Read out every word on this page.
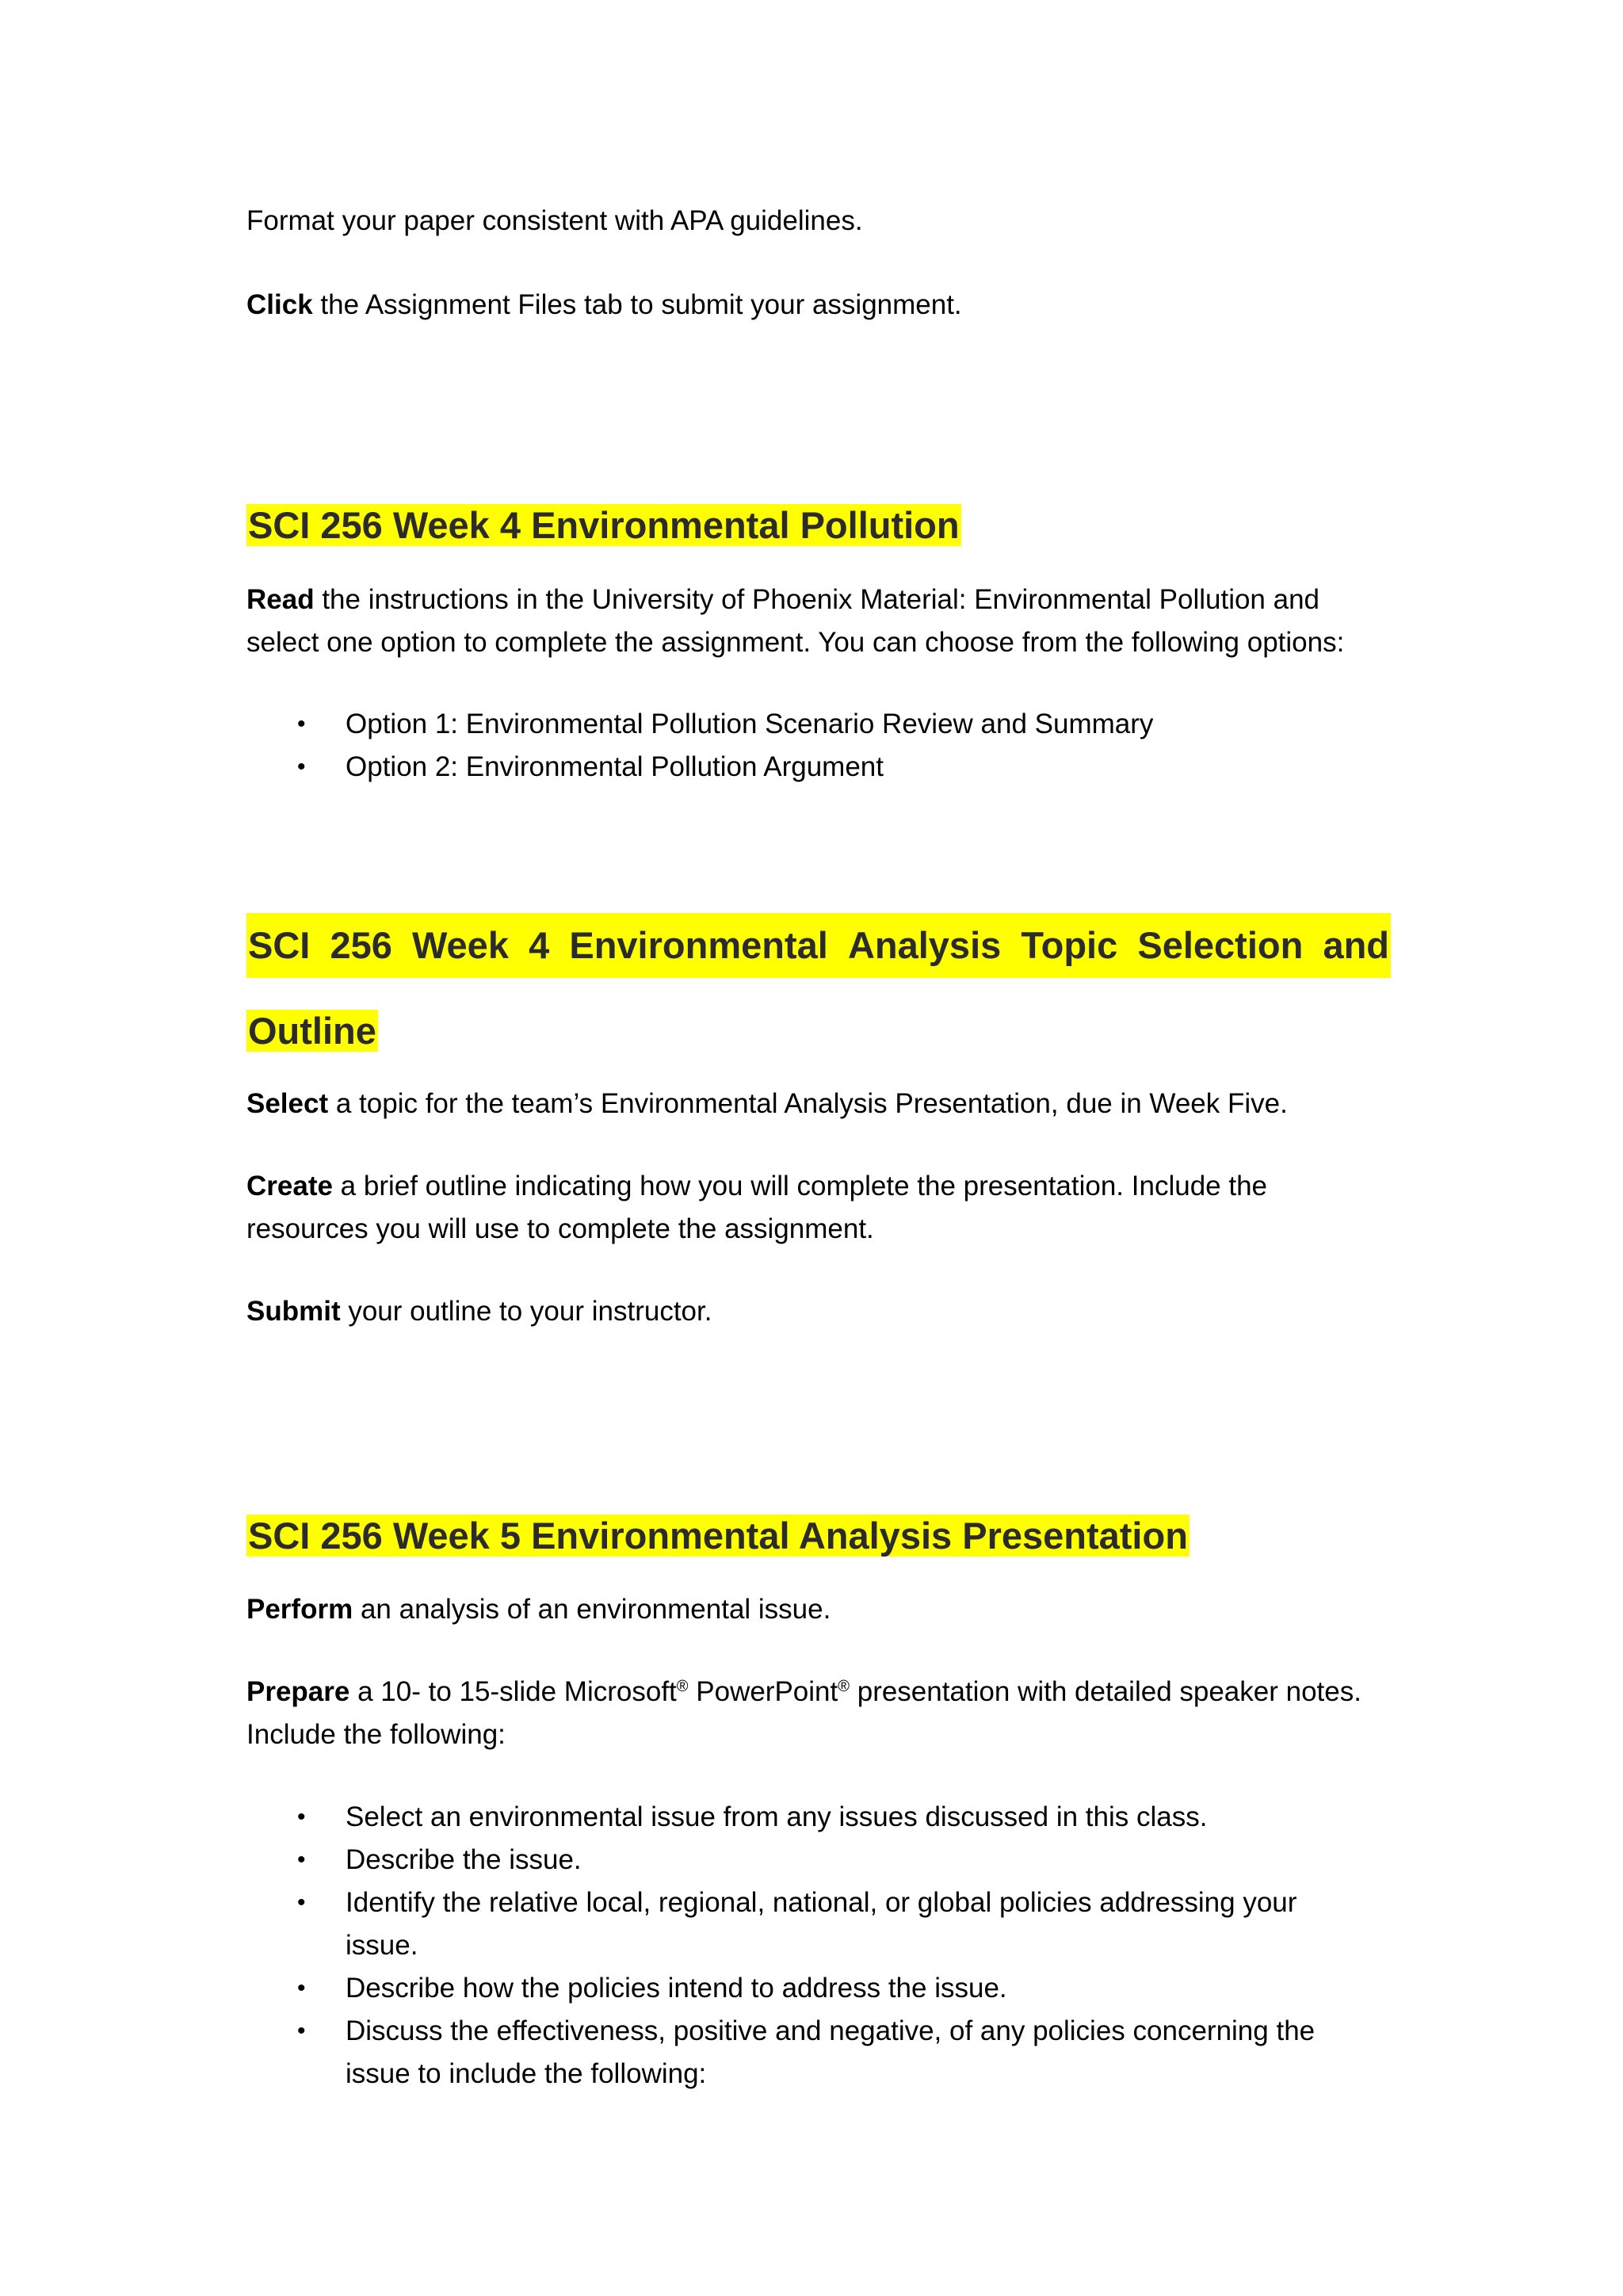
Format your paper consistent with APA guidelines.

Click the Assignment Files tab to submit your assignment.

SCI 256 Week 4 Environmental Pollution

Read the instructions in the University of Phoenix Material: Environmental Pollution and

select one option to complete the assignment. You can choose from the following options:

• Option 1: Environmental Pollution Scenario Review and Summary
• Option 2: Environmental Pollution Argument
SCI 256 Week 4 Environmental Analysis Topic Selection and
Outline

Select a topic for the team’s Environmental Analysis Presentation, due in Week Five.

Create a brief outline indicating how you will complete the presentation. Include the

resources you will use to complete the assignment.

Submit your outline to your instructor.

SCI 256 Week 5 Environmental Analysis Presentation

Perform an analysis of an environmental issue.

Prepare a 10- to 15-slide Microsoft® PowerPoint® presentation with detailed speaker notes.

Include the following:

• Select an environmental issue from any issues discussed in this class.
• Describe the issue.
• Identify the relative local, regional, national, or global policies addressing your
issue.
• Describe how the policies intend to address the issue.
• Discuss the effectiveness, positive and negative, of any policies concerning the
issue to include the following:
